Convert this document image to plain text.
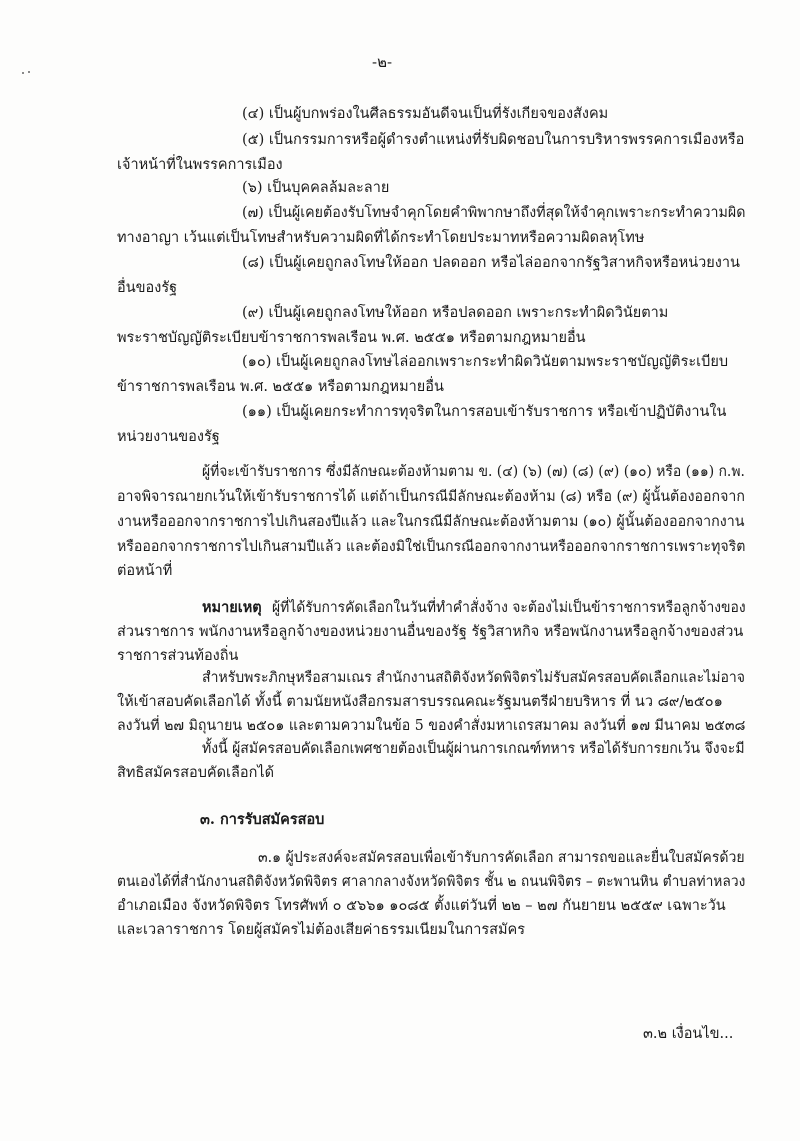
-๒-
(๔) เป็นผู้บกพร่องในศีลธรรมอันดีจนเป็นที่รังเกียจของสังคม
(๕) เป็นกรรมการหรือผู้ดำรงตำแหน่งที่รับผิดชอบในการบริหารพรรคการเมืองหรือ
เจ้าหน้าที่ในพรรคการเมือง
(๖) เป็นบุคคลล้มละลาย
(๗) เป็นผู้เคยต้องรับโทษจำคุกโดยคำพิพากษาถึงที่สุดให้จำคุกเพราะกระทำความผิด
ทางอาญา เว้นแต่เป็นโทษสำหรับความผิดที่ได้กระทำโดยประมาทหรือความผิดลหุโทษ
(๘) เป็นผู้เคยถูกลงโทษให้ออก ปลดออก หรือไล่ออกจากรัฐวิสาหกิจหรือหน่วยงาน
อื่นของรัฐ
(๙) เป็นผู้เคยถูกลงโทษให้ออก หรือปลดออก เพราะกระทำผิดวินัยตาม
พระราชบัญญัติระเบียบข้าราชการพลเรือน พ.ศ. ๒๕๕๑ หรือตามกฎหมายอื่น
(๑๐) เป็นผู้เคยถูกลงโทษไล่ออกเพราะกระทำผิดวินัยตามพระราชบัญญัติระเบียบ
ข้าราชการพลเรือน พ.ศ. ๒๕๕๑ หรือตามกฎหมายอื่น
(๑๑) เป็นผู้เคยกระทำการทุจริตในการสอบเข้ารับราชการ หรือเข้าปฏิบัติงานใน
หน่วยงานของรัฐ
ผู้ที่จะเข้ารับราชการ ซึ่งมีลักษณะต้องห้ามตาม ข. (๔) (๖) (๗) (๘) (๙) (๑๐) หรือ (๑๑) ก.พ.
อาจพิจารณายกเว้นให้เข้ารับราชการได้ แต่ถ้าเป็นกรณีมีลักษณะต้องห้าม (๘) หรือ (๙) ผู้นั้นต้องออกจาก
งานหรือออกจากราชการไปเกินสองปีแล้ว และในกรณีมีลักษณะต้องห้ามตาม (๑๐) ผู้นั้นต้องออกจากงาน
หรือออกจากราชการไปเกินสามปีแล้ว และต้องมิใช่เป็นกรณีออกจากงานหรือออกจากราชการเพราะทุจริต
ต่อหน้าที่
หมายเหตุ ผู้ที่ได้รับการคัดเลือกในวันที่ทำคำสั่งจ้าง จะต้องไม่เป็นข้าราชการหรือลูกจ้างของ
ส่วนราชการ พนักงานหรือลูกจ้างของหน่วยงานอื่นของรัฐ รัฐวิสาหกิจ หรือพนักงานหรือลูกจ้างของส่วน
ราชการส่วนท้องถิ่น
สำหรับพระภิกษุหรือสามเณร สำนักงานสถิติจังหวัดพิจิตรไม่รับสมัครสอบคัดเลือกและไม่อาจ
ให้เข้าสอบคัดเลือกได้ ทั้งนี้ ตามนัยหนังสือกรมสารบรรณคณะรัฐมนตรีฝ่ายบริหาร ที่ นว ๘๙/๒๕๐๑
ลงวันที่ ๒๗ มิถุนายน ๒๕๐๑ และตามความในข้อ 5 ของคำสั่งมหาเถรสมาคม ลงวันที่ ๑๗ มีนาคม ๒๕๓๘
ทั้งนี้ ผู้สมัครสอบคัดเลือกเพศชายต้องเป็นผู้ผ่านการเกณฑ์ทหาร หรือได้รับการยกเว้น จึงจะมี
สิทธิสมัครสอบคัดเลือกได้
๓. การรับสมัครสอบ
๓.๑ ผู้ประสงค์จะสมัครสอบเพื่อเข้ารับการคัดเลือก สามารถขอและยื่นใบสมัครด้วย
ตนเองได้ที่สำนักงานสถิติจังหวัดพิจิตร ศาลากลางจังหวัดพิจิตร ชั้น ๒ ถนนพิจิตร – ตะพานหิน ตำบลท่าหลวง
อำเภอเมือง จังหวัดพิจิตร โทรศัพท์ ๐ ๕๖๖๑ ๑๐๘๕ ตั้งแต่วันที่ ๒๒ – ๒๗ กันยายน ๒๕๕๙ เฉพาะวัน
และเวลาราชการ โดยผู้สมัครไม่ต้องเสียค่าธรรมเนียมในการสมัคร
๓.๒ เงื่อนไข...
